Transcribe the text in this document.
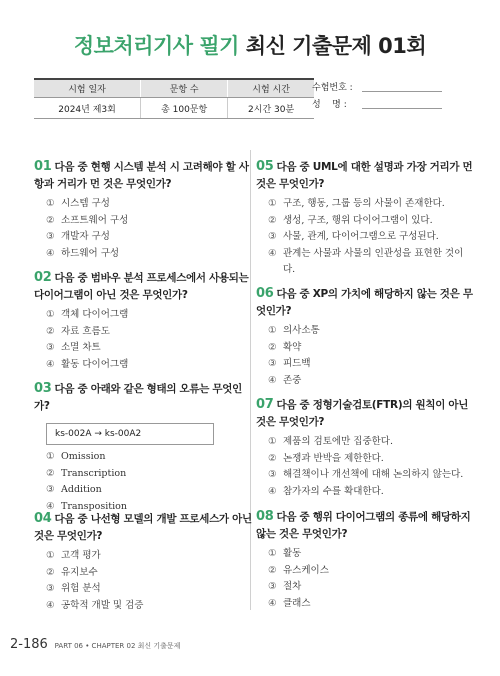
정보처리기사 필기 최신 기출문제 01회
시험 일자	문항 수	시험 시간
2024년 제3회	총 100문항	2시간 30분
수험번호 :
성    명 :
01 다음 중 현행 시스템 분석 시 고려해야 할 사항과 거리가 먼 것은 무엇인가?
① 시스템 구성
② 소프트웨어 구성
③ 개발자 구성
④ 하드웨어 구성
02 다음 중 범바우 분석 프로세스에서 사용되는 다이어그램이 아닌 것은 무엇인가?
① 객체 다이어그램
② 자료 흐름도
③ 소멸 차트
④ 활동 다이어그램
03 다음 중 아래와 같은 형태의 오류는 무엇인가?
ks-002A → ks-00A2
① Omission
② Transcription
③ Addition
④ Transposition
04 다음 중 나선형 모델의 개발 프로세스가 아닌 것은 무엇인가?
① 고객 평가
② 유지보수
③ 위험 분석
④ 공학적 개발 및 검증
05 다음 중 UML에 대한 설명과 가장 거리가 먼 것은 무엇인가?
① 구조, 행동, 그룹 등의 사물이 존재한다.
② 생성, 구조, 행위 다이어그램이 있다.
③ 사물, 관계, 다이어그램으로 구성된다.
④ 관계는 사물과 사물의 인관성을 표현한 것이다.
06 다음 중 XP의 가치에 해당하지 않는 것은 무엇인가?
① 의사소통
② 확약
③ 피드백
④ 존중
07 다음 중 정형기술검토(FTR)의 원칙이 아닌 것은 무엇인가?
① 제품의 검토에만 집중한다.
② 논쟁과 반박을 제한한다.
③ 해결책이나 개선책에 대해 논의하지 않는다.
④ 참가자의 수를 확대한다.
08 다음 중 행위 다이어그램의 종류에 해당하지 않는 것은 무엇인가?
① 활동
② 유스케이스
③ 절차
④ 클래스
2-186 PART 06 • CHAPTER 02 최신 기출문제
